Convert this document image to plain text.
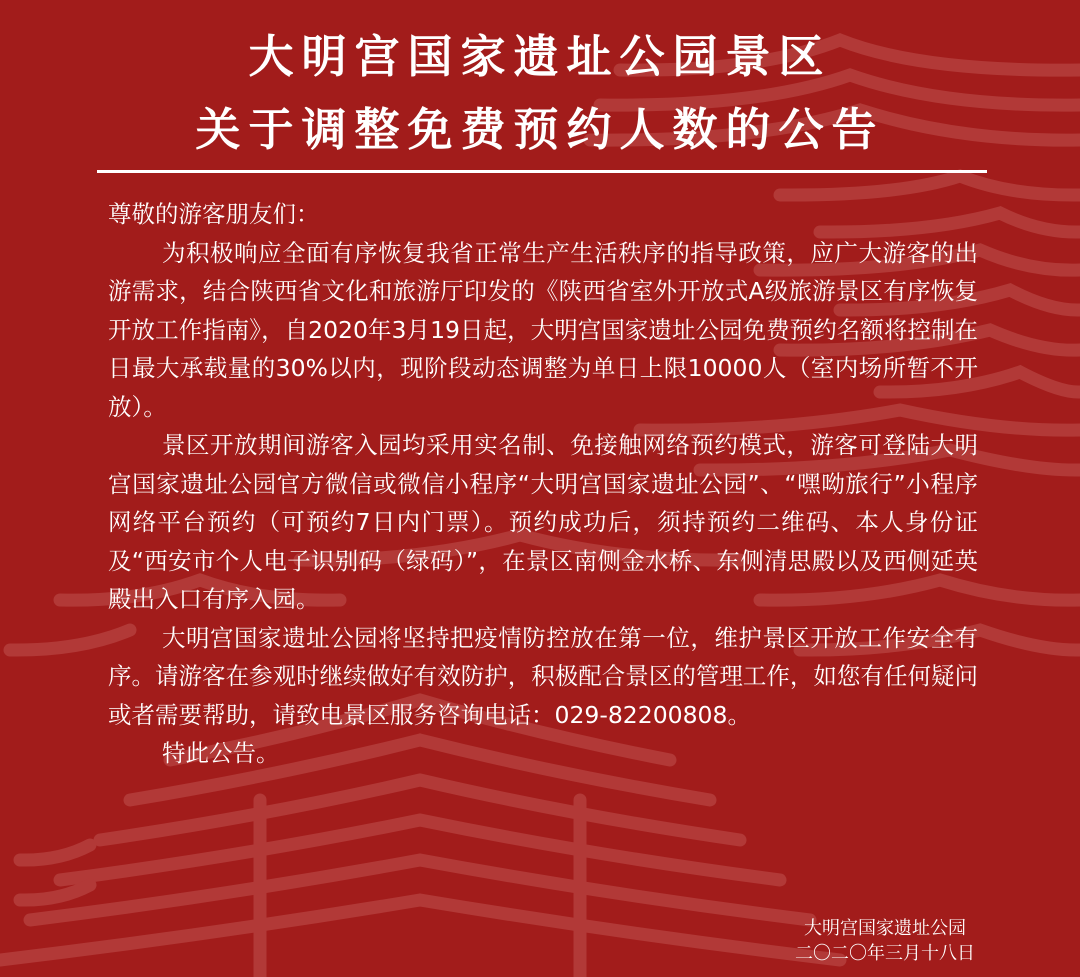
大明宫国家遗址公园景区
关于调整免费预约人数的公告

尊敬的游客朋友们：

为积极响应全面有序恢复我省正常生产生活秩序的指导政策，应广大游客的出游需求，结合陕西省文化和旅游厅印发的《陕西省室外开放式A级旅游景区有序恢复开放工作指南》，自2020年3月19日起，大明宫国家遗址公园免费预约名额将控制在日最大承载量的30%以内，现阶段动态调整为单日上限10000人（室内场所暂不开放）。

景区开放期间游客入园均采用实名制、免接触网络预约模式，游客可登陆大明宫国家遗址公园官方微信或微信小程序“大明宫国家遗址公园”、“嘿呦旅行”小程序网络平台预约（可预约7日内门票）。预约成功后，须持预约二维码、本人身份证及“西安市个人电子识别码（绿码）”，在景区南侧金水桥、东侧清思殿以及西侧延英殿出入口有序入园。

大明宫国家遗址公园将坚持把疫情防控放在第一位，维护景区开放工作安全有序。请游客在参观时继续做好有效防护，积极配合景区的管理工作，如您有任何疑问或者需要帮助，请致电景区服务咨询电话：029-82200808。

特此公告。

大明宫国家遗址公园
二〇二〇年三月十八日
